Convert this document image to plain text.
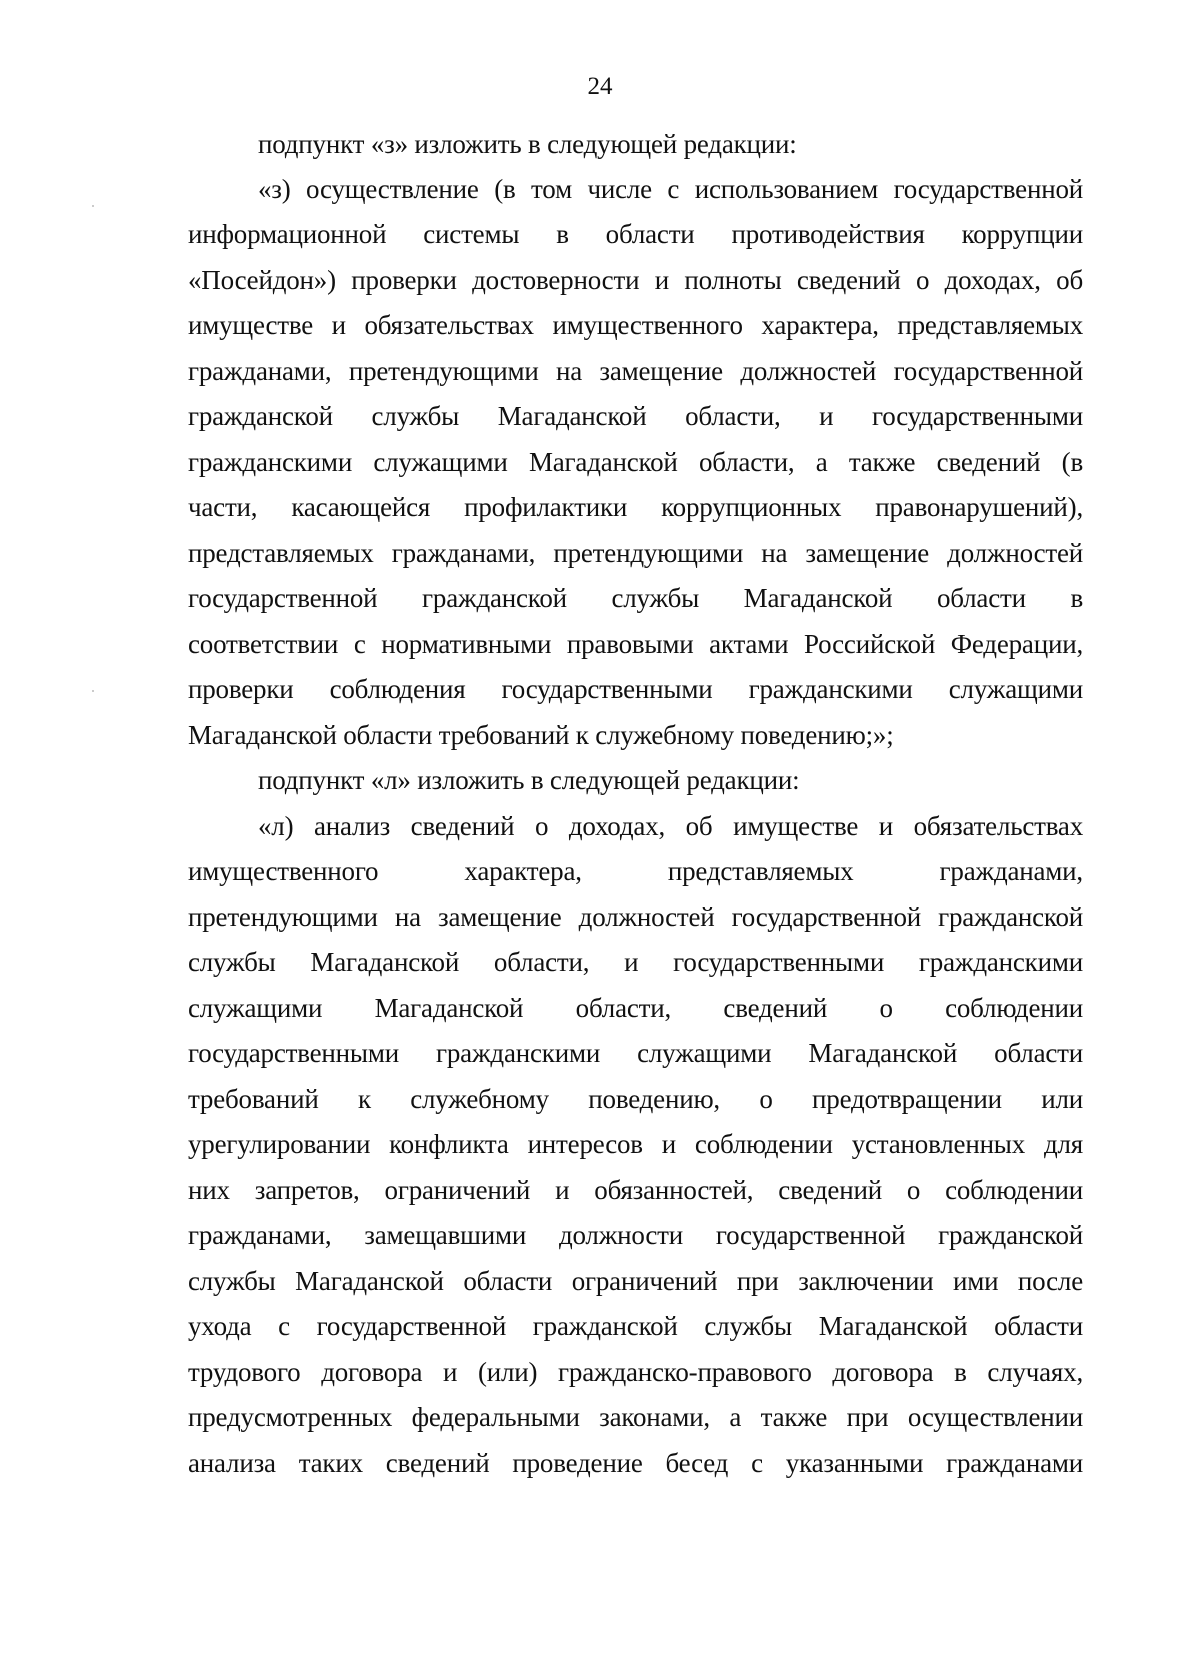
24
подпункт «з» изложить в следующей редакции:
«з) осуществление (в том числе с использованием государственной
информационной системы в области противодействия коррупции
«Посейдон») проверки достоверности и полноты сведений о доходах, об
имуществе и обязательствах имущественного характера, представляемых
гражданами, претендующими на замещение должностей государственной
гражданской службы Магаданской области, и государственными
гражданскими служащими Магаданской области, а также сведений (в
части, касающейся профилактики коррупционных правонарушений),
представляемых гражданами, претендующими на замещение должностей
государственной гражданской службы Магаданской области в
соответствии с нормативными правовыми актами Российской Федерации,
проверки соблюдения государственными гражданскими служащими
Магаданской области требований к служебному поведению;»;
подпункт «л» изложить в следующей редакции:
«л) анализ сведений о доходах, об имуществе и обязательствах
имущественного характера, представляемых гражданами,
претендующими на замещение должностей государственной гражданской
службы Магаданской области, и государственными гражданскими
служащими Магаданской области, сведений о соблюдении
государственными гражданскими служащими Магаданской области
требований к служебному поведению, о предотвращении или
урегулировании конфликта интересов и соблюдении установленных для
них запретов, ограничений и обязанностей, сведений о соблюдении
гражданами, замещавшими должности государственной гражданской
службы Магаданской области ограничений при заключении ими после
ухода с государственной гражданской службы Магаданской области
трудового договора и (или) гражданско-правового договора в случаях,
предусмотренных федеральными законами, а также при осуществлении
анализа таких сведений проведение бесед с указанными гражданами
